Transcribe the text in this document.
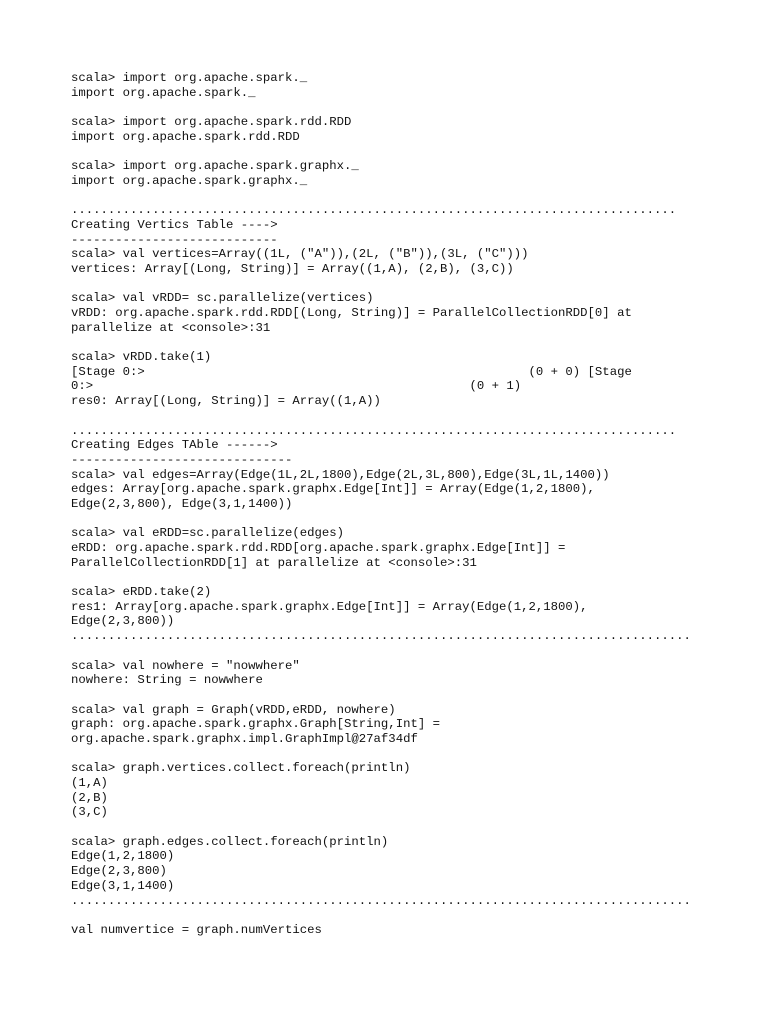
scala> import org.apache.spark._
import org.apache.spark._
scala> import org.apache.spark.rdd.RDD
import org.apache.spark.rdd.RDD
scala> import org.apache.spark.graphx._
import org.apache.spark.graphx._
..................................................................................
Creating Vertics Table ---->
----------------------------
scala> val vertices=Array((1L, ("A")),(2L, ("B")),(3L, ("C")))
vertices: Array[(Long, String)] = Array((1,A), (2,B), (3,C))
scala> val vRDD= sc.parallelize(vertices)
vRDD: org.apache.spark.rdd.RDD[(Long, String)] = ParallelCollectionRDD[0] at
parallelize at <console>:31
scala> vRDD.take(1)
[Stage 0:>                                                    (0 + 0) [Stage
0:>                                                   (0 + 1)
res0: Array[(Long, String)] = Array((1,A))
..................................................................................
Creating Edges TAble ------>
------------------------------
scala> val edges=Array(Edge(1L,2L,1800),Edge(2L,3L,800),Edge(3L,1L,1400))
edges: Array[org.apache.spark.graphx.Edge[Int]] = Array(Edge(1,2,1800),
Edge(2,3,800), Edge(3,1,1400))
scala> val eRDD=sc.parallelize(edges)
eRDD: org.apache.spark.rdd.RDD[org.apache.spark.graphx.Edge[Int]] =
ParallelCollectionRDD[1] at parallelize at <console>:31
scala> eRDD.take(2)
res1: Array[org.apache.spark.graphx.Edge[Int]] = Array(Edge(1,2,1800),
Edge(2,3,800))
....................................................................................
scala> val nowhere = "nowwhere"
nowhere: String = nowwhere
scala> val graph = Graph(vRDD,eRDD, nowhere)
graph: org.apache.spark.graphx.Graph[String,Int] =
org.apache.spark.graphx.impl.GraphImpl@27af34df
scala> graph.vertices.collect.foreach(println)
(1,A)
(2,B)
(3,C)
scala> graph.edges.collect.foreach(println)
Edge(1,2,1800)
Edge(2,3,800)
Edge(3,1,1400)
....................................................................................
val numvertice = graph.numVertices
